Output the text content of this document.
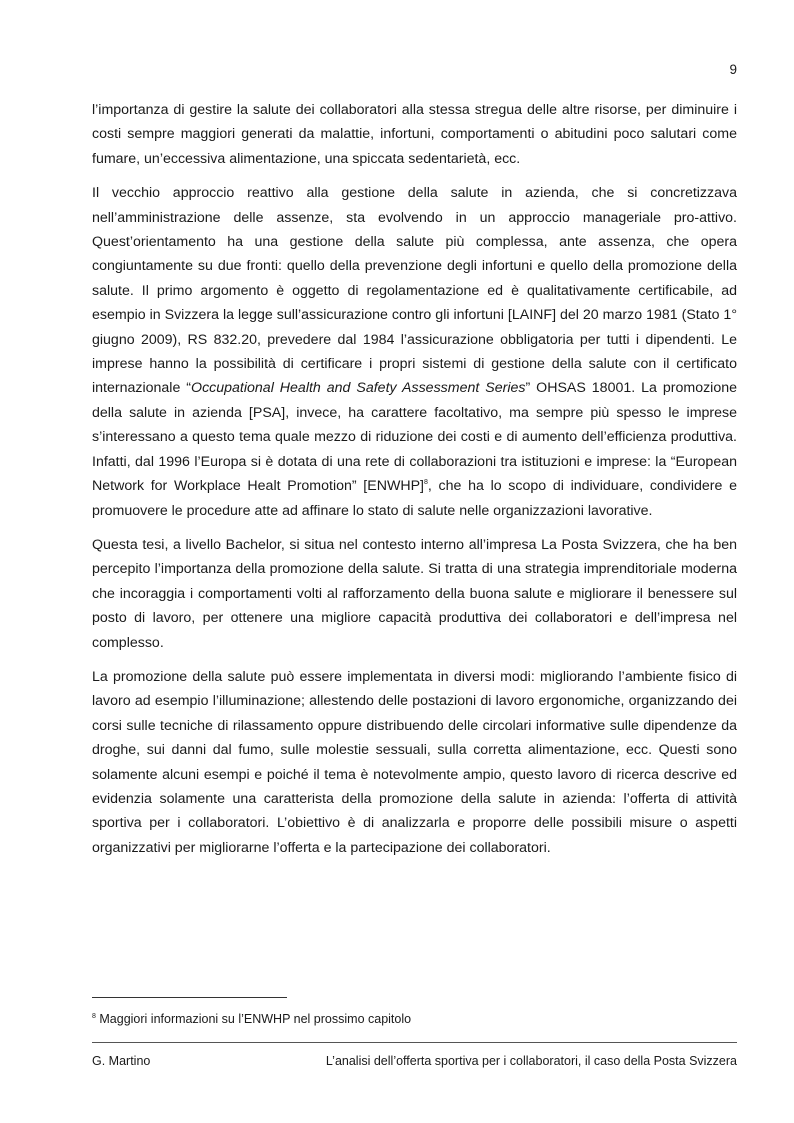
9

l’importanza di gestire la salute dei collaboratori alla stessa stregua delle altre risorse, per diminuire i costi sempre maggiori generati da malattie, infortuni, comportamenti o abitudini poco salutari come fumare, un’eccessiva alimentazione, una spiccata sedentarietà, ecc.

Il vecchio approccio reattivo alla gestione della salute in azienda, che si concretizzava nell’amministrazione delle assenze, sta evolvendo in un approccio manageriale pro-attivo. Quest’orientamento ha una gestione della salute più complessa, ante assenza, che opera congiuntamente su due fronti: quello della prevenzione degli infortuni e quello della promozione della salute. Il primo argomento è oggetto di regolamentazione ed è qualitativamente certificabile, ad esempio in Svizzera la legge sull’assicurazione contro gli infortuni [LAINF] del 20 marzo 1981 (Stato 1° giugno 2009), RS 832.20, prevedere dal 1984 l’assicurazione obbligatoria per tutti i dipendenti. Le imprese hanno la possibilità di certificare i propri sistemi di gestione della salute con il certificato internazionale “Occupational Health and Safety Assessment Series” OHSAS 18001. La promozione della salute in azienda [PSA], invece, ha carattere facoltativo, ma sempre più spesso le imprese s’interessano a questo tema quale mezzo di riduzione dei costi e di aumento dell’efficienza produttiva. Infatti, dal 1996 l’Europa si è dotata di una rete di collaborazioni tra istituzioni e imprese: la “European Network for Workplace Healt Promotion” [ENWHP]$^8$, che ha lo scopo di individuare, condividere e promuovere le procedure atte ad affinare lo stato di salute nelle organizzazioni lavorative.

Questa tesi, a livello Bachelor, si situa nel contesto interno all’impresa La Posta Svizzera, che ha ben percepito l’importanza della promozione della salute. Si tratta di una strategia imprenditoriale moderna che incoraggia i comportamenti volti al rafforzamento della buona salute e migliorare il benessere sul posto di lavoro, per ottenere una migliore capacità produttiva dei collaboratori e dell’impresa nel complesso.

La promozione della salute può essere implementata in diversi modi: migliorando l’ambiente fisico di lavoro ad esempio l’illuminazione; allestendo delle postazioni di lavoro ergonomiche, organizzando dei corsi sulle tecniche di rilassamento oppure distribuendo delle circolari informative sulle dipendenze da droghe, sui danni dal fumo, sulle molestie sessuali, sulla corretta alimentazione, ecc. Questi sono solamente alcuni esempi e poiché il tema è notevolmente ampio, questo lavoro di ricerca descrive ed evidenzia solamente una caratterista della promozione della salute in azienda: l’offerta di attività sportiva per i collaboratori. L’obiettivo è di analizzarla e proporre delle possibili misure o aspetti organizzativi per migliorarne l’offerta e la partecipazione dei collaboratori.

$^8$ Maggiori informazioni su l’ENWHP nel prossimo capitolo
G. Martino	L’analisi dell’offerta sportiva per i collaboratori, il caso della Posta Svizzera
